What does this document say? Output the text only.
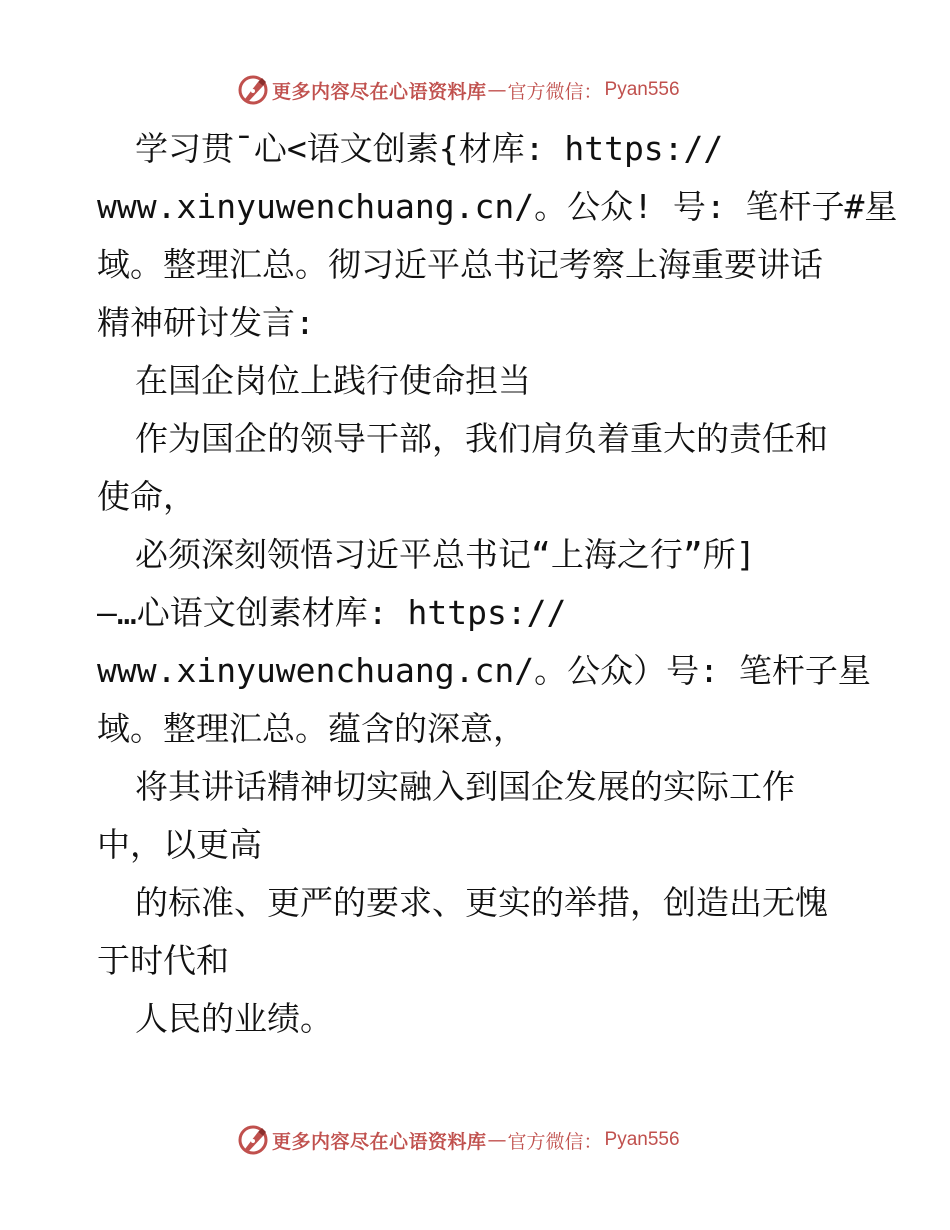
更多内容尽在心语资料库 — 官方微信： Pyan556

学习贯¯心<语文创素{材库: https://

www.xinyuwenchuang.cn/。公众! 号: 笔杆子#星

域。整理汇总。彻习近平总书记考察上海重要讲话

精神研讨发言:

在国企岗位上践行使命担当

作为国企的领导干部，我们肩负着重大的责任和

使命，

必须深刻领悟习近平总书记“上海之行”所]

—…心语文创素材库: https://

www.xinyuwenchuang.cn/。公众）号: 笔杆子星

域。整理汇总。蕴含的深意，

将其讲话精神切实融入到国企发展的实际工作

中，以更高

的标准、更严的要求、更实的举措，创造出无愧

于时代和

人民的业绩。

更多内容尽在心语资料库 — 官方微信： Pyan556
